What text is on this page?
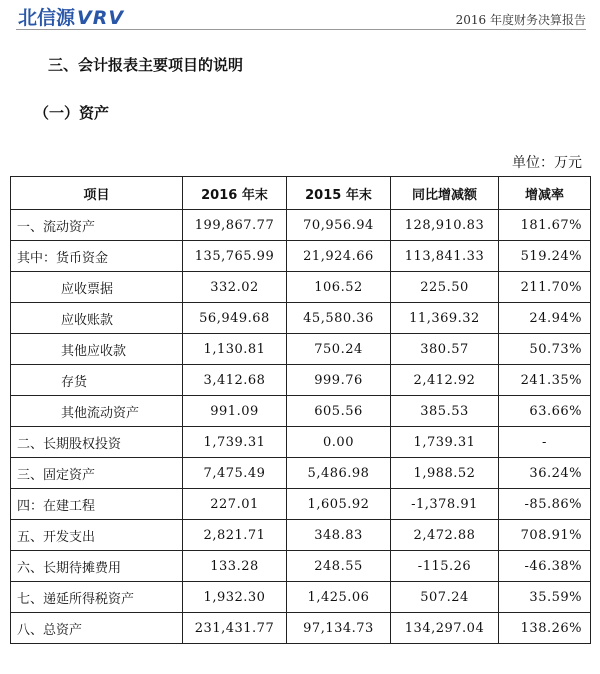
北信源 VRV	2016 年度财务决算报告
三、会计报表主要项目的说明
（一）资产
单位：万元
项目	2016 年末	2015 年末	同比增减额	增减率
一、流动资产	199,867.77	70,956.94	128,910.83	181.67%
其中：货币资金	135,765.99	21,924.66	113,841.33	519.24%
应收票据	332.02	106.52	225.50	211.70%
应收账款	56,949.68	45,580.36	11,369.32	24.94%
其他应收款	1,130.81	750.24	380.57	50.73%
存货	3,412.68	999.76	2,412.92	241.35%
其他流动资产	991.09	605.56	385.53	63.66%
二、长期股权投资	1,739.31	0.00	1,739.31	-
三、固定资产	7,475.49	5,486.98	1,988.52	36.24%
四：在建工程	227.01	1,605.92	-1,378.91	-85.86%
五、开发支出	2,821.71	348.83	2,472.88	708.91%
六、长期待摊费用	133.28	248.55	-115.26	-46.38%
七、递延所得税资产	1,932.30	1,425.06	507.24	35.59%
八、总资产	231,431.77	97,134.73	134,297.04	138.26%
